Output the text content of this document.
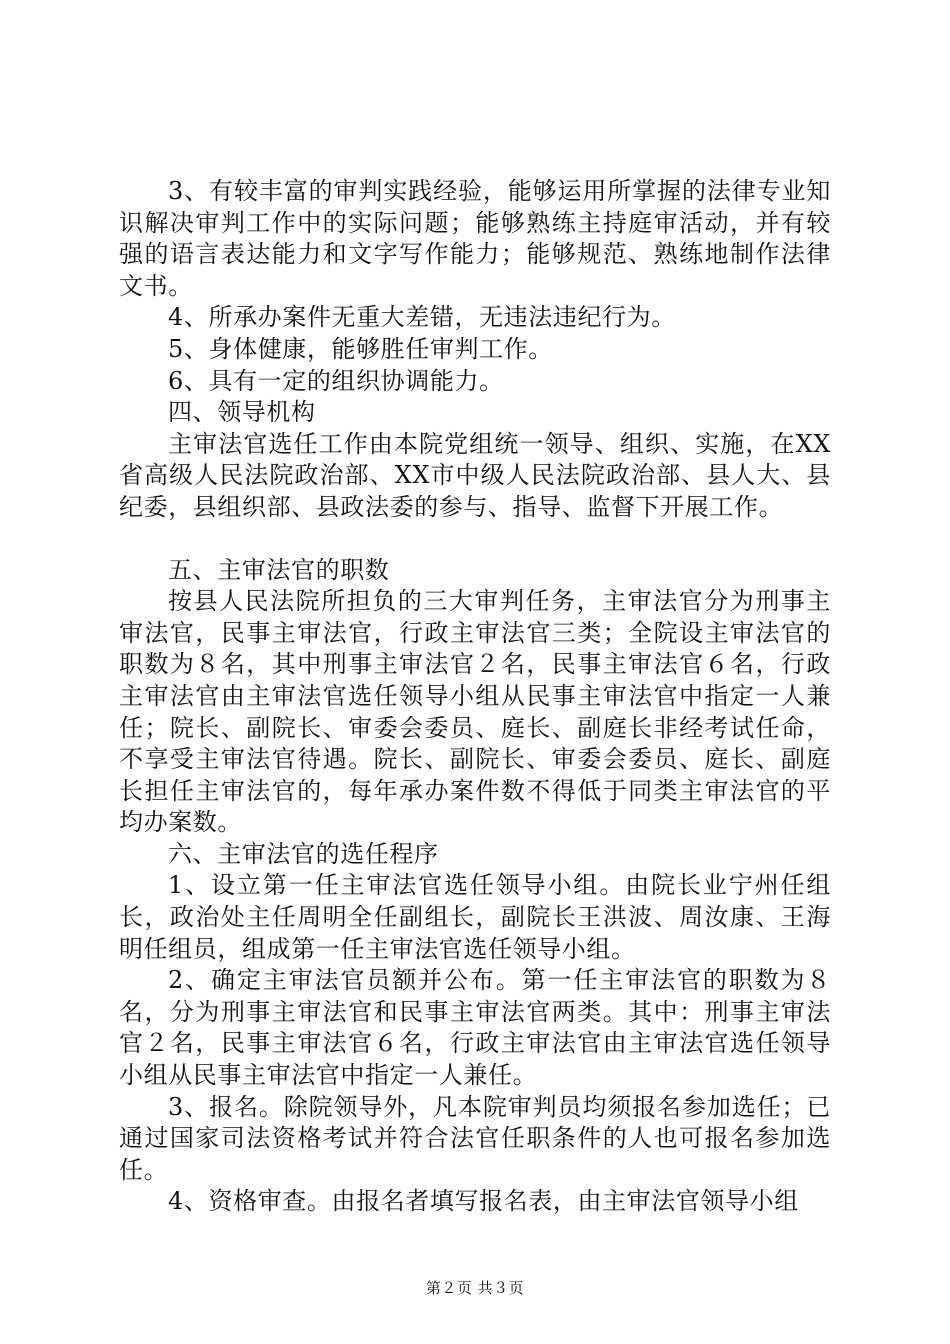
3、有较丰富的审判实践经验，能够运用所掌握的法律专业知识解决审判工作中的实际问题；能够熟练主持庭审活动，并有较强的语言表达能力和文字写作能力；能够规范、熟练地制作法律文书。

4、所承办案件无重大差错，无违法违纪行为。

5、身体健康，能够胜任审判工作。

6、具有一定的组织协调能力。

四、领导机构

主审法官选任工作由本院党组统一领导、组织、实施，在XX省高级人民法院政治部、XX市中级人民法院政治部、县人大、县纪委，县组织部、县政法委的参与、指导、监督下开展工作。

五、主审法官的职数

按县人民法院所担负的三大审判任务，主审法官分为刑事主审法官，民事主审法官，行政主审法官三类；全院设主审法官的职数为８名，其中刑事主审法官２名，民事主审法官６名，行政主审法官由主审法官选任领导小组从民事主审法官中指定一人兼任；院长、副院长、审委会委员、庭长、副庭长非经考试任命，不享受主审法官待遇。院长、副院长、审委会委员、庭长、副庭长担任主审法官的，每年承办案件数不得低于同类主审法官的平均办案数。

六、主审法官的选任程序

1、设立第一任主审法官选任领导小组。由院长业宁州任组长，政治处主任周明全任副组长，副院长王洪波、周汝康、王海明任组员，组成第一任主审法官选任领导小组。

2、确定主审法官员额并公布。第一任主审法官的职数为８名，分为刑事主审法官和民事主审法官两类。其中：刑事主审法官２名，民事主审法官６名，行政主审法官由主审法官选任领导小组从民事主审法官中指定一人兼任。

3、报名。除院领导外，凡本院审判员均须报名参加选任；已通过国家司法资格考试并符合法官任职条件的人也可报名参加选任。

4、资格审查。由报名者填写报名表，由主审法官领导小组

第２页 共３页
